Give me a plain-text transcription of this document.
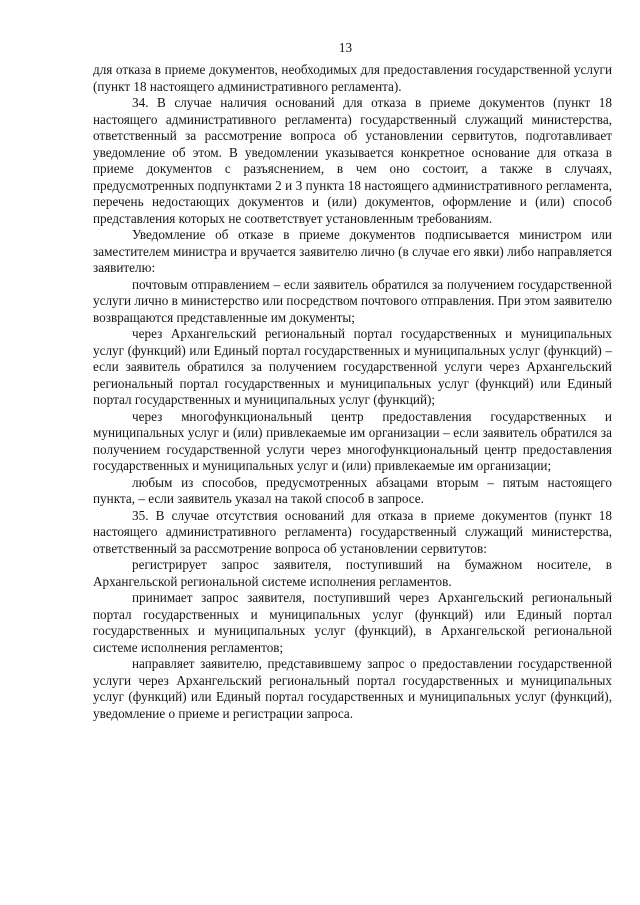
13

для отказа в приеме документов, необходимых для предоставления государственной услуги (пункт 18 настоящего административного регламента).

34. В случае наличия оснований для отказа в приеме документов (пункт 18 настоящего административного регламента) государственный служащий министерства, ответственный за рассмотрение вопроса об установлении сервитутов, подготавливает уведомление об этом. В уведомлении указывается конкретное основание для отказа в приеме документов с разъяснением, в чем оно состоит, а также в случаях, предусмотренных подпунктами 2 и 3 пункта 18 настоящего административного регламента, перечень недостающих документов и (или) документов, оформление и (или) способ представления которых не соответствует установленным требованиям.

Уведомление об отказе в приеме документов подписывается министром или заместителем министра и вручается заявителю лично (в случае его явки) либо направляется заявителю:

почтовым отправлением – если заявитель обратился за получением государственной услуги лично в министерство или посредством почтового отправления. При этом заявителю возвращаются представленные им документы;

через Архангельский региональный портал государственных и муниципальных услуг (функций) или Единый портал государственных и муниципальных услуг (функций) – если заявитель обратился за получением государственной услуги через Архангельский региональный портал государственных и муниципальных услуг (функций) или Единый портал государственных и муниципальных услуг (функций);

через многофункциональный центр предоставления государственных и муниципальных услуг и (или) привлекаемые им организации – если заявитель обратился за получением государственной услуги через многофункциональный центр предоставления государственных и муниципальных услуг и (или) привлекаемые им организации;

любым из способов, предусмотренных абзацами вторым – пятым настоящего пункта, – если заявитель указал на такой способ в запросе.

35. В случае отсутствия оснований для отказа в приеме документов (пункт 18 настоящего административного регламента) государственный служащий министерства, ответственный за рассмотрение вопроса об установлении сервитутов:

регистрирует запрос заявителя, поступивший на бумажном носителе, в Архангельской региональной системе исполнения регламентов.

принимает запрос заявителя, поступивший через Архангельский региональный портал государственных и муниципальных услуг (функций) или Единый портал государственных и муниципальных услуг (функций), в Архангельской региональной системе исполнения регламентов;

направляет заявителю, представившему запрос о предоставлении государственной услуги через Архангельский региональный портал государственных и муниципальных услуг (функций) или Единый портал государственных и муниципальных услуг (функций), уведомление о приеме и регистрации запроса.
